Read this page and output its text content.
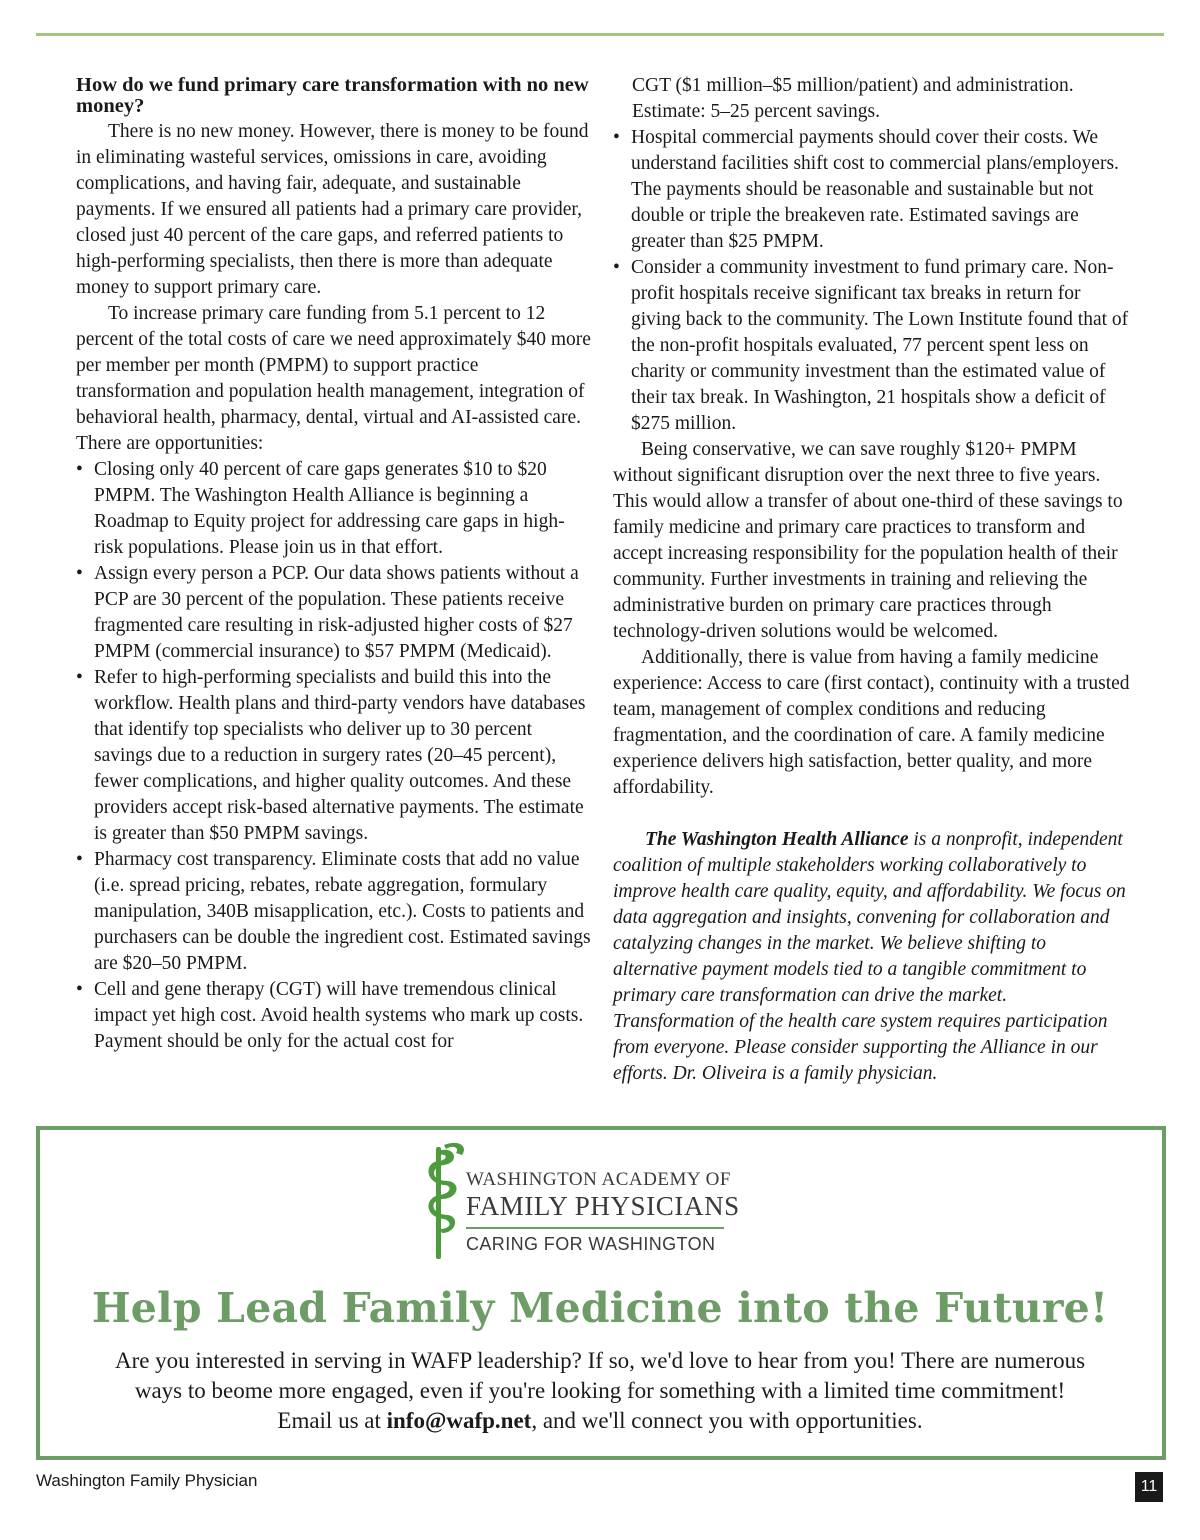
How do we fund primary care transformation with no new money?

There is no new money. However, there is money to be found in eliminating wasteful services, omissions in care, avoiding complications, and having fair, adequate, and sustainable payments. If we ensured all patients had a primary care provider, closed just 40 percent of the care gaps, and referred patients to high-performing specialists, then there is more than adequate money to support primary care.

To increase primary care funding from 5.1 percent to 12 percent of the total costs of care we need approximately $40 more per member per month (PMPM) to support practice transformation and population health management, integration of behavioral health, pharmacy, dental, virtual and AI-assisted care. There are opportunities:

• Closing only 40 percent of care gaps generates $10 to $20 PMPM. The Washington Health Alliance is beginning a Roadmap to Equity project for addressing care gaps in high-risk populations. Please join us in that effort.
• Assign every person a PCP. Our data shows patients without a PCP are 30 percent of the population. These patients receive fragmented care resulting in risk-adjusted higher costs of $27 PMPM (commercial insurance) to $57 PMPM (Medicaid).
• Refer to high-performing specialists and build this into the workflow. Health plans and third-party vendors have databases that identify top specialists who deliver up to 30 percent savings due to a reduction in surgery rates (20–45 percent), fewer complications, and higher quality outcomes. And these providers accept risk-based alternative payments. The estimate is greater than $50 PMPM savings.
• Pharmacy cost transparency. Eliminate costs that add no value (i.e. spread pricing, rebates, rebate aggregation, formulary manipulation, 340B misapplication, etc.). Costs to patients and purchasers can be double the ingredient cost. Estimated savings are $20–50 PMPM.
• Cell and gene therapy (CGT) will have tremendous clinical impact yet high cost. Avoid health systems who mark up costs. Payment should be only for the actual cost for
CGT ($1 million–$5 million/patient) and administration. Estimate: 5–25 percent savings.
• Hospital commercial payments should cover their costs. We understand facilities shift cost to commercial plans/employers. The payments should be reasonable and sustainable but not double or triple the breakeven rate. Estimated savings are greater than $25 PMPM.
• Consider a community investment to fund primary care. Non-profit hospitals receive significant tax breaks in return for giving back to the community. The Lown Institute found that of the non-profit hospitals evaluated, 77 percent spent less on charity or community investment than the estimated value of their tax break. In Washington, 21 hospitals show a deficit of $275 million.

Being conservative, we can save roughly $120+ PMPM without significant disruption over the next three to five years. This would allow a transfer of about one-third of these savings to family medicine and primary care practices to transform and accept increasing responsibility for the population health of their community. Further investments in training and relieving the administrative burden on primary care practices through technology-driven solutions would be welcomed.

Additionally, there is value from having a family medicine experience: Access to care (first contact), continuity with a trusted team, management of complex conditions and reducing fragmentation, and the coordination of care. A family medicine experience delivers high satisfaction, better quality, and more affordability.

The Washington Health Alliance is a nonprofit, independent coalition of multiple stakeholders working collaboratively to improve health care quality, equity, and affordability. We focus on data aggregation and insights, convening for collaboration and catalyzing changes in the market. We believe shifting to alternative payment models tied to a tangible commitment to primary care transformation can drive the market. Transformation of the health care system requires participation from everyone. Please consider supporting the Alliance in our efforts. Dr. Oliveira is a family physician.

WASHINGTON ACADEMY OF
FAMILY PHYSICIANS
CARING FOR WASHINGTON
Help Lead Family Medicine into the Future!
Are you interested in serving in WAFP leadership? If so, we'd love to hear from you! There are numerous
ways to beome more engaged, even if you're looking for something with a limited time commitment!
Email us at info@wafp.net, and we'll connect you with opportunities.
Washington Family Physician	11
